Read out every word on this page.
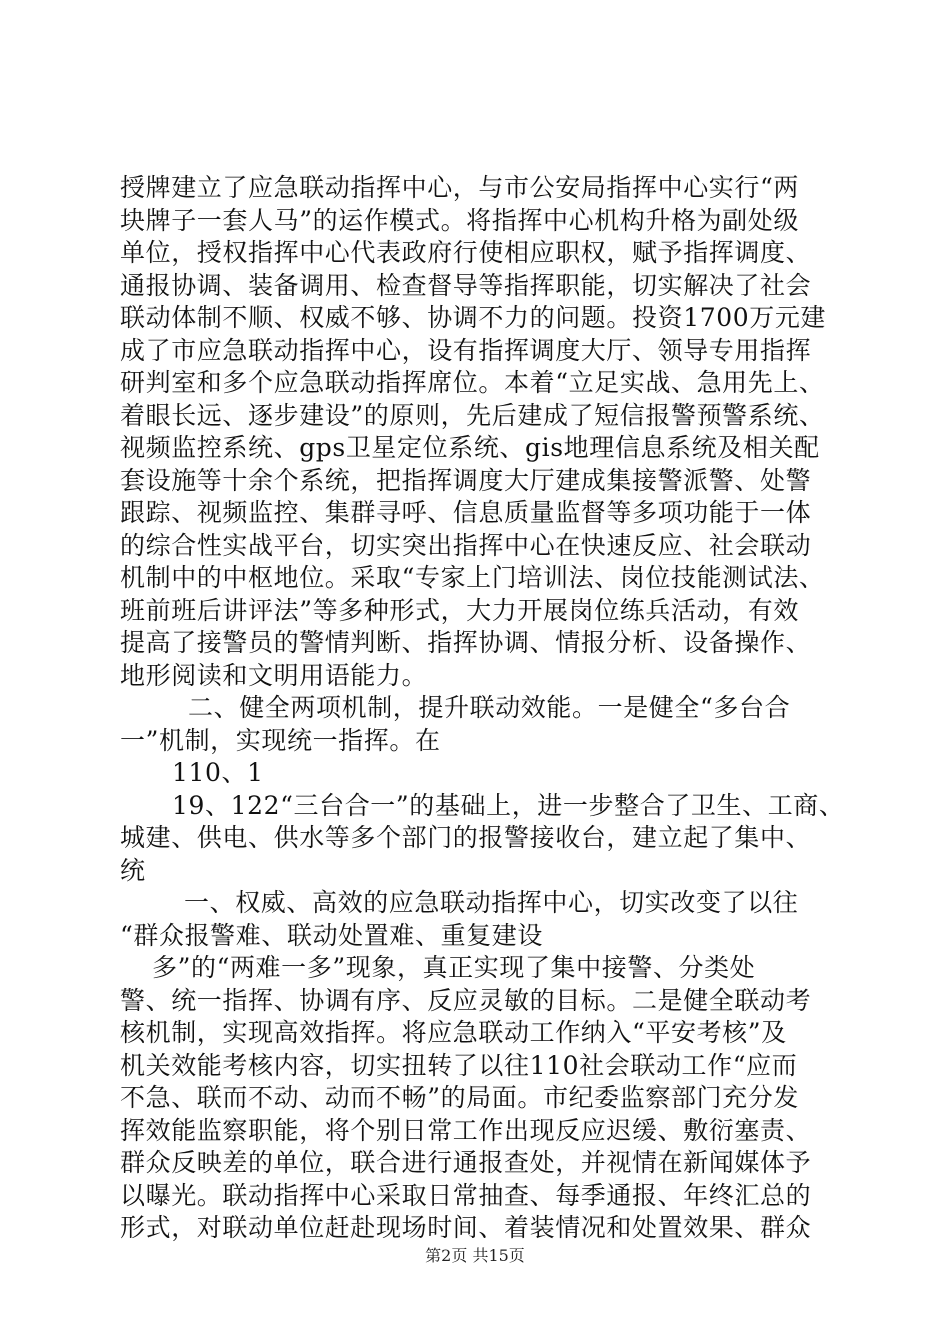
授牌建立了应急联动指挥中心，与市公安局指挥中心实行“两
块牌子一套人马”的运作模式。将指挥中心机构升格为副处级
单位，授权指挥中心代表政府行使相应职权，赋予指挥调度、
通报协调、装备调用、检查督导等指挥职能，切实解决了社会
联动体制不顺、权威不够、协调不力的问题。投资1700万元建
成了市应急联动指挥中心，设有指挥调度大厅、领导专用指挥
研判室和多个应急联动指挥席位。本着“立足实战、急用先上、
着眼长远、逐步建设”的原则，先后建成了短信报警预警系统、
视频监控系统、gps卫星定位系统、gis地理信息系统及相关配
套设施等十余个系统，把指挥调度大厅建成集接警派警、处警
跟踪、视频监控、集群寻呼、信息质量监督等多项功能于一体
的综合性实战平台，切实突出指挥中心在快速反应、社会联动
机制中的中枢地位。采取“专家上门培训法、岗位技能测试法、
班前班后讲评法”等多种形式，大力开展岗位练兵活动，有效
提高了接警员的警情判断、指挥协调、情报分析、设备操作、
地形阅读和文明用语能力。
二、健全两项机制，提升联动效能。一是健全“多台合
一”机制，实现统一指挥。在
110、1
19、122“三台合一”的基础上，进一步整合了卫生、工商、
城建、供电、供水等多个部门的报警接收台，建立起了集中、
统
一、权威、高效的应急联动指挥中心，切实改变了以往
“群众报警难、联动处置难、重复建设
多”的“两难一多”现象，真正实现了集中接警、分类处
警、统一指挥、协调有序、反应灵敏的目标。二是健全联动考
核机制，实现高效指挥。将应急联动工作纳入“平安考核”及
机关效能考核内容，切实扭转了以往110社会联动工作“应而
不急、联而不动、动而不畅”的局面。市纪委监察部门充分发
挥效能监察职能，将个别日常工作出现反应迟缓、敷衍塞责、
群众反映差的单位，联合进行通报查处，并视情在新闻媒体予
以曝光。联动指挥中心采取日常抽查、每季通报、年终汇总的
形式，对联动单位赶赴现场时间、着装情况和处置效果、群众
第2页 共15页
